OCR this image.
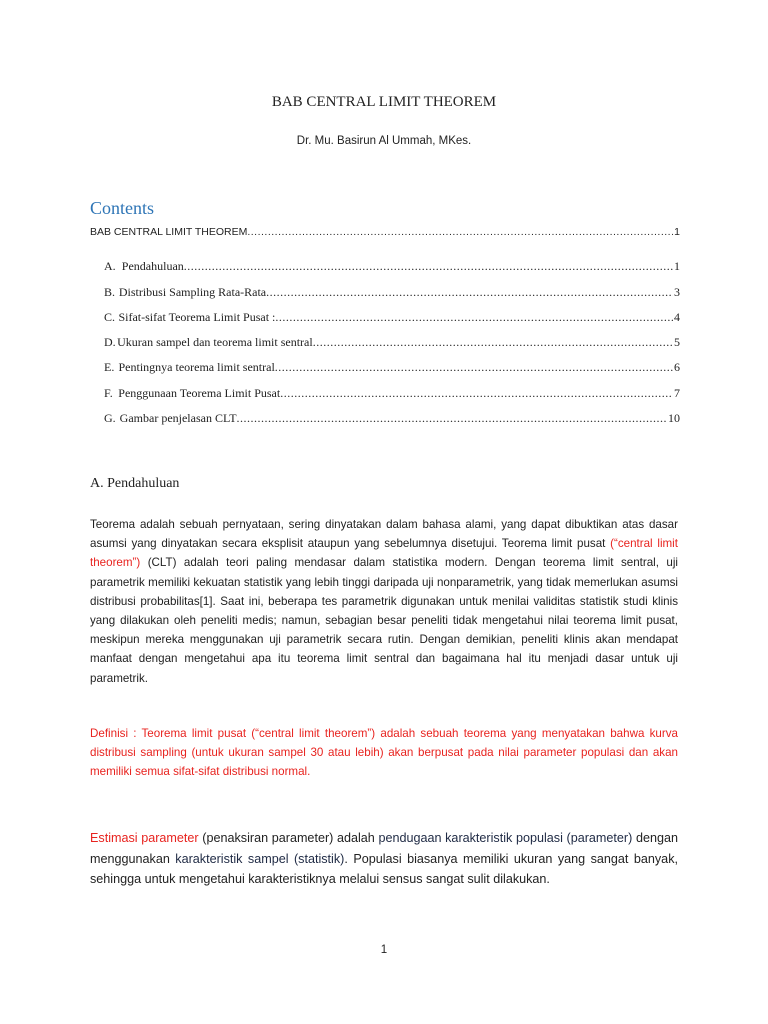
BAB CENTRAL LIMIT THEOREM
Dr. Mu. Basirun Al Ummah, MKes.
Contents
BAB CENTRAL LIMIT THEOREM .....	1
A. Pendahuluan .....	1
B. Distribusi Sampling Rata-Rata .....	3
C. Sifat-sifat Teorema Limit Pusat : .....	4
D. Ukuran sampel dan teorema limit sentral .....	5
E. Pentingnya teorema limit sentral .....	6
F. Penggunaan Teorema Limit Pusat .....	7
G. Gambar penjelasan CLT .....	10
A. Pendahuluan

Teorema adalah sebuah pernyataan, sering dinyatakan dalam bahasa alami, yang dapat dibuktikan atas dasar asumsi yang dinyatakan secara eksplisit ataupun yang sebelumnya disetujui. Teorema limit pusat (“central limit theorem”) (CLT) adalah teori paling mendasar dalam statistika modern. Dengan teorema limit sentral, uji parametrik memiliki kekuatan statistik yang lebih tinggi daripada uji nonparametrik, yang tidak memerlukan asumsi distribusi probabilitas[1]. Saat ini, beberapa tes parametrik digunakan untuk menilai validitas statistik studi klinis yang dilakukan oleh peneliti medis; namun, sebagian besar peneliti tidak mengetahui nilai teorema limit pusat, meskipun mereka menggunakan uji parametrik secara rutin. Dengan demikian, peneliti klinis akan mendapat manfaat dengan mengetahui apa itu teorema limit sentral dan bagaimana hal itu menjadi dasar untuk uji parametrik.

Definisi : Teorema limit pusat (“central limit theorem”) adalah sebuah teorema yang menyatakan bahwa kurva distribusi sampling (untuk ukuran sampel 30 atau lebih) akan berpusat pada nilai parameter populasi dan akan memiliki semua sifat-sifat distribusi normal.

Estimasi parameter (penaksiran parameter) adalah pendugaan karakteristik populasi (parameter) dengan menggunakan karakteristik sampel (statistik). Populasi biasanya memiliki ukuran yang sangat banyak, sehingga untuk mengetahui karakteristiknya melalui sensus sangat sulit dilakukan.

1
